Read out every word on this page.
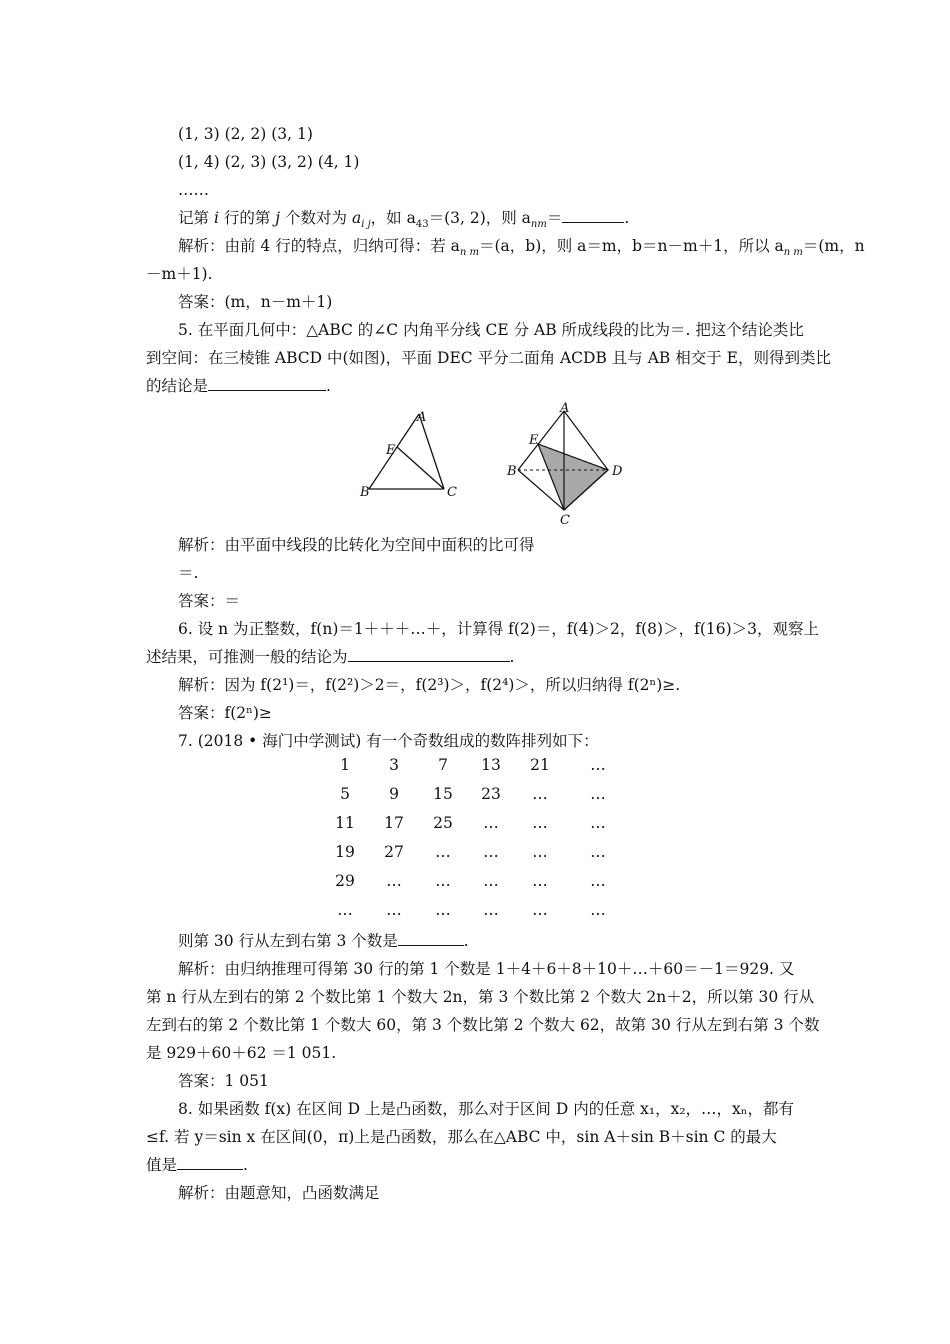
(1, 3) (2, 2) (3, 1)
(1, 4) (2, 3) (3, 2) (4, 1)
……
记第 i 行的第 j 个数对为 $a_{i j}$，如 $a_{43}=(3$, 2)，则 $a_{nm}=$	.
解析：由前 4 行的特点，归纳可得：若 $a_{n m}=(a$，b)，则 a＝m，b＝n－m＋1，所以 $a_{n m}=(m$，n
－m＋1).
答案：(m，n－m＋1)
5. 在平面几何中：△ABC 的∠C 内角平分线 CE 分 AB 所成线段的比为＝. 把这个结论类比
到空间：在三棱锥 ABCD 中(如图)，平面 DEC 平分二面角 ACDB 且与 AB 相交于 E，则得到类比
的结论是	.
A
E
B	C
A
E
B	D
C
解析：由平面中线段的比转化为空间中面积的比可得
＝.
答案：＝
6. 设 n 为正整数，f(n)＝1＋＋＋…＋，计算得 f(2)＝，f(4)＞2，f(8)＞，f(16)＞3，观察上
述结果，可推测一般的结论为	.
解析：因为 f(2¹)＝，f(2²)＞2＝，f(2³)＞，f(2⁴)＞，所以归纳得 f(2ⁿ)≥.
答案：f(2ⁿ)≥
7. (2018 • 海门中学测试) 有一个奇数组成的数阵排列如下：
1	3	7	13	21	…
5	9	15	23	…	…
11	17	25	…	…	…
19	27	…	…	…	…
29	…	…	…	…	…
…	…	…	…	…	…
则第 30 行从左到右第 3 个数是	.
解析：由归纳推理可得第 30 行的第 1 个数是 1＋4＋6＋8＋10＋…＋60＝－1＝929. 又
第 n 行从左到右的第 2 个数比第 1 个数大 2n，第 3 个数比第 2 个数大 2n＋2，所以第 30 行从
左到右的第 2 个数比第 1 个数大 60，第 3 个数比第 2 个数大 62，故第 30 行从左到右第 3 个数
是 929＋60＋62 ＝1 051.
答案：1 051
8. 如果函数 f(x) 在区间 D 上是凸函数，那么对于区间 D 内的任意 x₁，x₂，…，xₙ，都有
≤f. 若 y＝sin x 在区间(0，π)上是凸函数，那么在△ABC 中，sin A＋sin B＋sin C 的最大
值是	.
解析：由题意知，凸函数满足
